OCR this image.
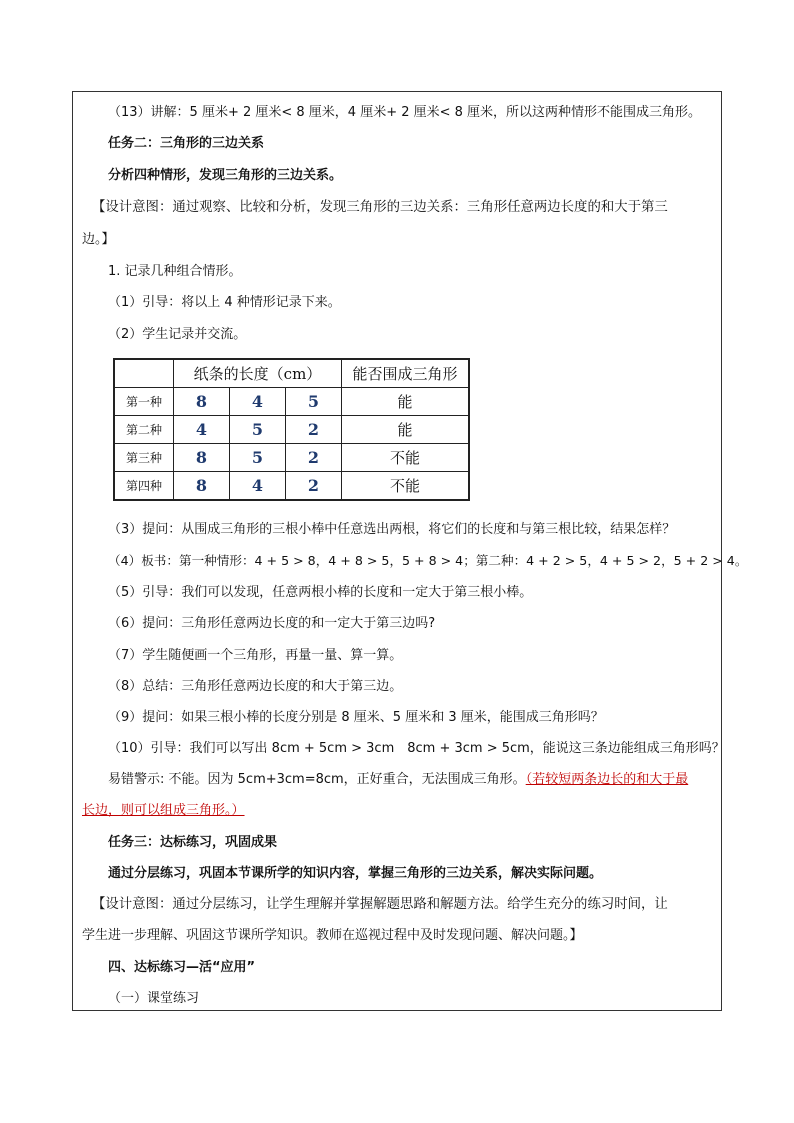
（13）讲解：5 厘米+ 2 厘米< 8 厘米，4 厘米+ 2 厘米< 8 厘米，所以这两种情形不能围成三角形。
任务二：三角形的三边关系
分析四种情形，发现三角形的三边关系。
【设计意图：通过观察、比较和分析，发现三角形的三边关系：三角形任意两边长度的和大于第三
边。】
1. 记录几种组合情形。
（1）引导：将以上 4 种情形记录下来。
（2）学生记录并交流。
	纸条的长度（cm）			能否围成三角形
第一种	8	4	5	能
第二种	4	5	2	能
第三种	8	5	2	不能
第四种	8	4	2	不能
（3）提问：从围成三角形的三根小棒中任意选出两根，将它们的长度和与第三根比较，结果怎样？
（4）板书：第一种情形：4 + 5 > 8，4 + 8 > 5，5 + 8 > 4；第二种：4 + 2 > 5，4 + 5 > 2，5 + 2 > 4。
（5）引导：我们可以发现，任意两根小棒的长度和一定大于第三根小棒。
（6）提问：三角形任意两边长度的和一定大于第三边吗?
（7）学生随便画一个三角形，再量一量、算一算。
（8）总结：三角形任意两边长度的和大于第三边。
（9）提问：如果三根小棒的长度分别是 8 厘米、5 厘米和 3 厘米，能围成三角形吗？
（10）引导：我们可以写出 8cm + 5cm > 3cm　8cm + 3cm > 5cm，能说这三条边能组成三角形吗？
易错警示: 不能。因为 5cm+3cm=8cm，正好重合，无法围成三角形。（若较短两条边长的和大于最
长边，则可以组成三角形。）
任务三：达标练习，巩固成果
通过分层练习，巩固本节课所学的知识内容，掌握三角形的三边关系，解决实际问题。
【设计意图：通过分层练习，让学生理解并掌握解题思路和解题方法。给学生充分的练习时间，让
学生进一步理解、巩固这节课所学知识。教师在巡视过程中及时发现问题、解决问题。】
四、达标练习—活“应用”
（一）课堂练习
